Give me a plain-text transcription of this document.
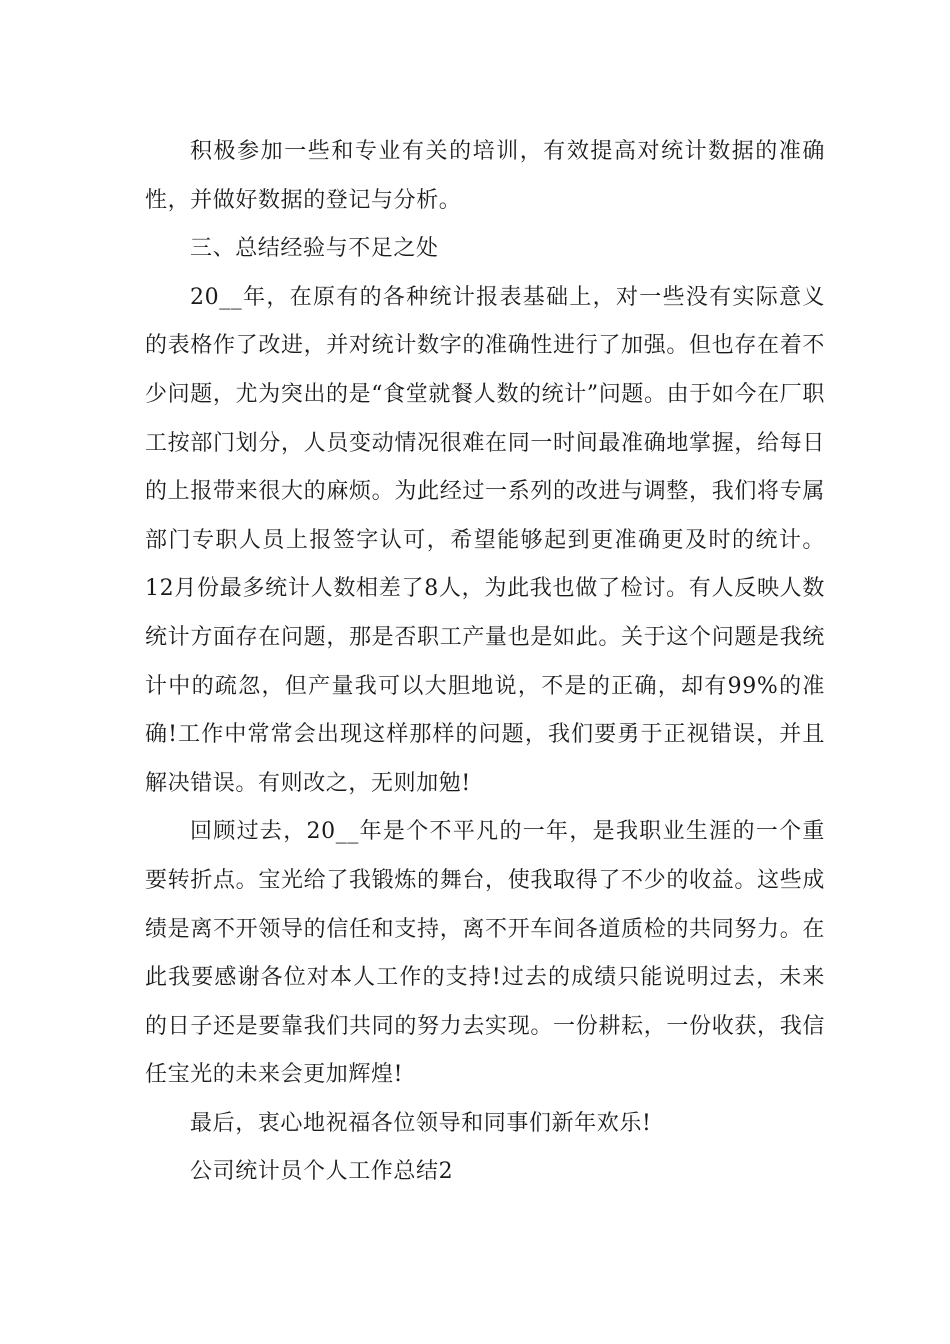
积极参加一些和专业有关的培训，有效提高对统计数据的准确性，并做好数据的登记与分析。

三、总结经验与不足之处

20__年，在原有的各种统计报表基础上，对一些没有实际意义的表格作了改进，并对统计数字的准确性进行了加强。但也存在着不少问题，尤为突出的是“食堂就餐人数的统计”问题。由于如今在厂职工按部门划分，人员变动情况很难在同一时间最准确地掌握，给每日的上报带来很大的麻烦。为此经过一系列的改进与调整，我们将专属部门专职人员上报签字认可，希望能够起到更准确更及时的统计。12月份最多统计人数相差了8人，为此我也做了检讨。有人反映人数统计方面存在问题，那是否职工产量也是如此。关于这个问题是我统计中的疏忽，但产量我可以大胆地说，不是的正确，却有99%的准确!工作中常常会出现这样那样的问题，我们要勇于正视错误，并且解决错误。有则改之，无则加勉!

回顾过去，20__年是个不平凡的一年，是我职业生涯的一个重要转折点。宝光给了我锻炼的舞台，使我取得了不少的收益。这些成绩是离不开领导的信任和支持，离不开车间各道质检的共同努力。在此我要感谢各位对本人工作的支持!过去的成绩只能说明过去，未来的日子还是要靠我们共同的努力去实现。一份耕耘，一份收获，我信任宝光的未来会更加辉煌!

最后，衷心地祝福各位领导和同事们新年欢乐!

公司统计员个人工作总结2
